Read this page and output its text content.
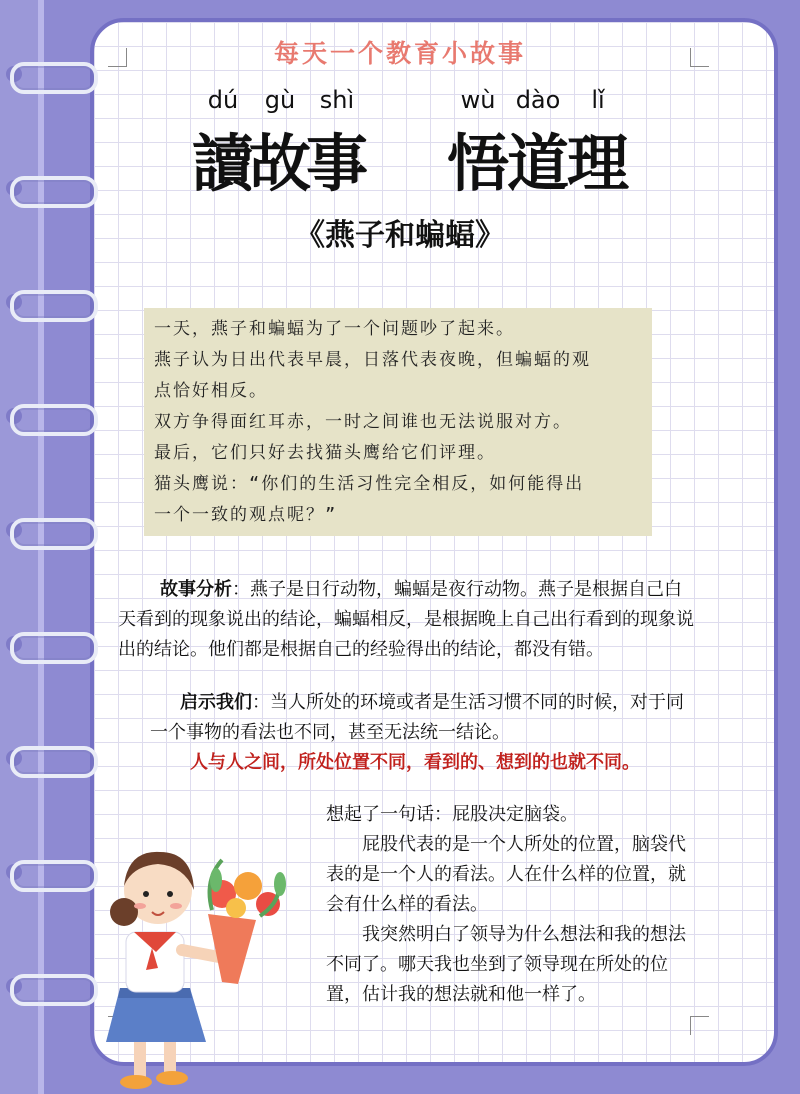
每天一个教育小故事
dú
讀
gù
故
shì
事
wù
悟
dào
道
lǐ
理
《燕子和蝙蝠》
一天，燕子和蝙蝠为了一个问题吵了起来。
燕子认为日出代表早晨，日落代表夜晚，但蝙蝠的观
点恰好相反。
双方争得面红耳赤，一时之间谁也无法说服对方。
最后，它们只好去找猫头鹰给它们评理。
猫头鹰说：“你们的生活习性完全相反，如何能得出
一个一致的观点呢？”
故事分析：燕子是日行动物，蝙蝠是夜行动物。燕子是根据自己白天看到的现象说出的结论，蝙蝠相反，是根据晚上自己出行看到的现象说出的结论。他们都是根据自己的经验得出的结论，都没有错。
启示我们：当人所处的环境或者是生活习惯不同的时候，对于同一个事物的看法也不同，甚至无法统一结论。
人与人之间，所处位置不同，看到的、想到的也就不同。

想起了一句话：屁股决定脑袋。

屁股代表的是一个人所处的位置，脑袋代表的是一个人的看法。人在什么样的位置，就会有什么样的看法。

我突然明白了领导为什么想法和我的想法不同了。哪天我也坐到了领导现在所处的位置，估计我的想法就和他一样了。
